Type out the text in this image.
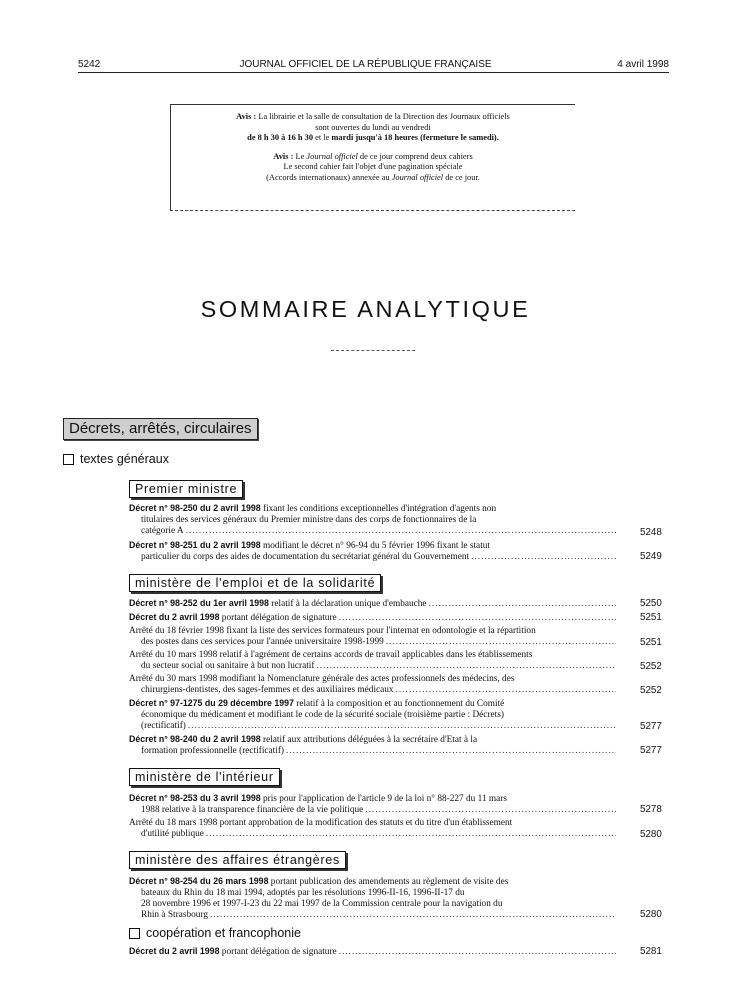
5242	JOURNAL OFFICIEL DE LA RÉPUBLIQUE FRANÇAISE	4 avril 1998
Avis : La librairie et la salle de consultation de la Direction des Journaux officiels
sont ouvertes du lundi au vendredi
de 8 h 30 à 16 h 30 et le mardi jusqu'à 18 heures (fermeture le samedi).
Avis : Le Journal officiel de ce jour comprend deux cahiers
Le second cahier fait l'objet d'une pagination spéciale
(Accords internationaux) annexée au Journal officiel de ce jour.
SOMMAIRE ANALYTIQUE
Décrets, arrêtés, circulaires
textes généraux
Premier ministre
Décret n° 98-250 du 2 avril 1998 fixant les conditions exceptionnelles d'intégration d'agents non
titulaires des services généraux du Premier ministre dans des corps de fonctionnaires de la
catégorie A .....	5248
Décret n° 98-251 du 2 avril 1998 modifiant le décret n° 96-94 du 5 février 1996 fixant le statut
particulier du corps des aides de documentation du secrétariat général du Gouvernement .....	5249
ministère de l'emploi et de la solidarité
Décret n° 98-252 du 1er avril 1998 relatif à la déclaration unique d'embauche .....	5250
Décret du 2 avril 1998 portant délégation de signature .....	5251
Arrêté du 18 février 1998 fixant la liste des services formateurs pour l'internat en odontologie et la répartition
des postes dans ces services pour l'année universitaire 1998-1999 .....	5251
Arrêté du 10 mars 1998 relatif à l'agrément de certains accords de travail applicables dans les établissements
du secteur social ou sanitaire à but non lucratif .....	5252
Arrêté du 30 mars 1998 modifiant la Nomenclature générale des actes professionnels des médecins, des
chirurgiens-dentistes, des sages-femmes et des auxiliaires médicaux .....	5252
Décret n° 97-1275 du 29 décembre 1997 relatif à la composition et au fonctionnement du Comité
économique du médicament et modifiant le code de la sécurité sociale (troisième partie : Décrets)
(rectificatif) .....	5277
Décret n° 98-240 du 2 avril 1998 relatif aux attributions déléguées à la secrétaire d'Etat à la
formation professionnelle (rectificatif) .....	5277
ministère de l'intérieur
Décret n° 98-253 du 3 avril 1998 pris pour l'application de l'article 9 de la loi n° 88-227 du 11 mars
1988 relative à la transparence financière de la vie politique .....	5278
Arrêté du 18 mars 1998 portant approbation de la modification des statuts et du titre d'un établissement
d'utilité publique .....	5280
ministère des affaires étrangères
Décret n° 98-254 du 26 mars 1998 portant publication des amendements au règlement de visite des
bateaux du Rhin du 18 mai 1994, adoptés par les résolutions 1996-II-16, 1996-II-17 du
28 novembre 1996 et 1997-I-23 du 22 mai 1997 de la Commission centrale pour la navigation du
Rhin à Strasbourg .....	5280
coopération et francophonie
Décret du 2 avril 1998 portant délégation de signature .....	5281
